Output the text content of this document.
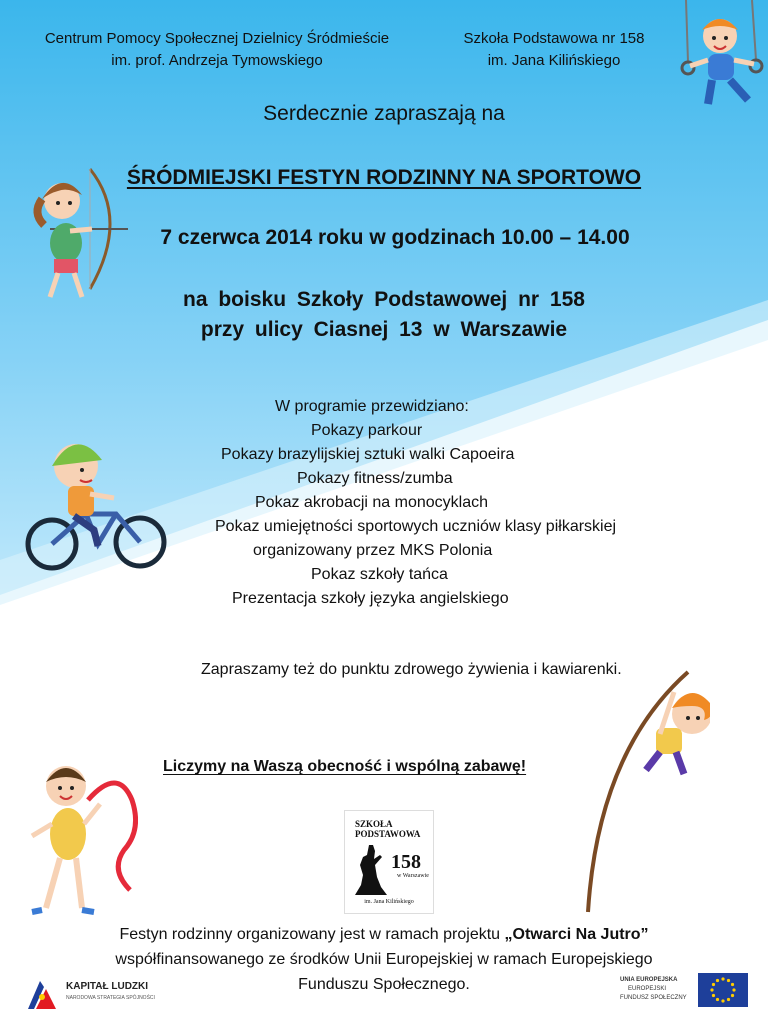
Centrum Pomocy Społecznej Dzielnicy Śródmieście
im. prof. Andrzeja Tymowskiego
Szkoła Podstawowa nr 158
im. Jana Kilińskiego
Serdecznie zapraszają na
ŚRÓDMIEJSKI FESTYN RODZINNY NA SPORTOWO
7 czerwca 2014 roku w godzinach 10.00 – 14.00
na boisku Szkoły Podstawowej nr 158
przy ulicy Ciasnej 13 w Warszawie
W programie przewidziano:
Pokazy parkour
Pokazy brazylijskiej sztuki walki Capoeira
Pokazy fitness/zumba
Pokaz akrobacji na monocyklach
Pokaz umiejętności sportowych uczniów klasy piłkarskiej
organizowany przez MKS Polonia
Pokaz szkoły tańca
Prezentacja szkoły języka angielskiego
Zapraszamy też do punktu zdrowego żywienia i kawiarenki.
Liczymy na Waszą obecność i wspólną zabawę!
SZKOŁA
PODSTAWOWA
158
w Warszawie
im. Jana Kilińskiego
Festyn rodzinny organizowany jest w ramach projektu „Otwarci Na Jutro”
współfinansowanego ze środków Unii Europejskiej w ramach Europejskiego
Funduszu Społecznego.
KAPITAŁ LUDZKI
NARODOWA STRATEGIA SPÓJNOŚCI
UNIA EUROPEJSKA
EUROPEJSKI
FUNDUSZ SPOŁECZNY
